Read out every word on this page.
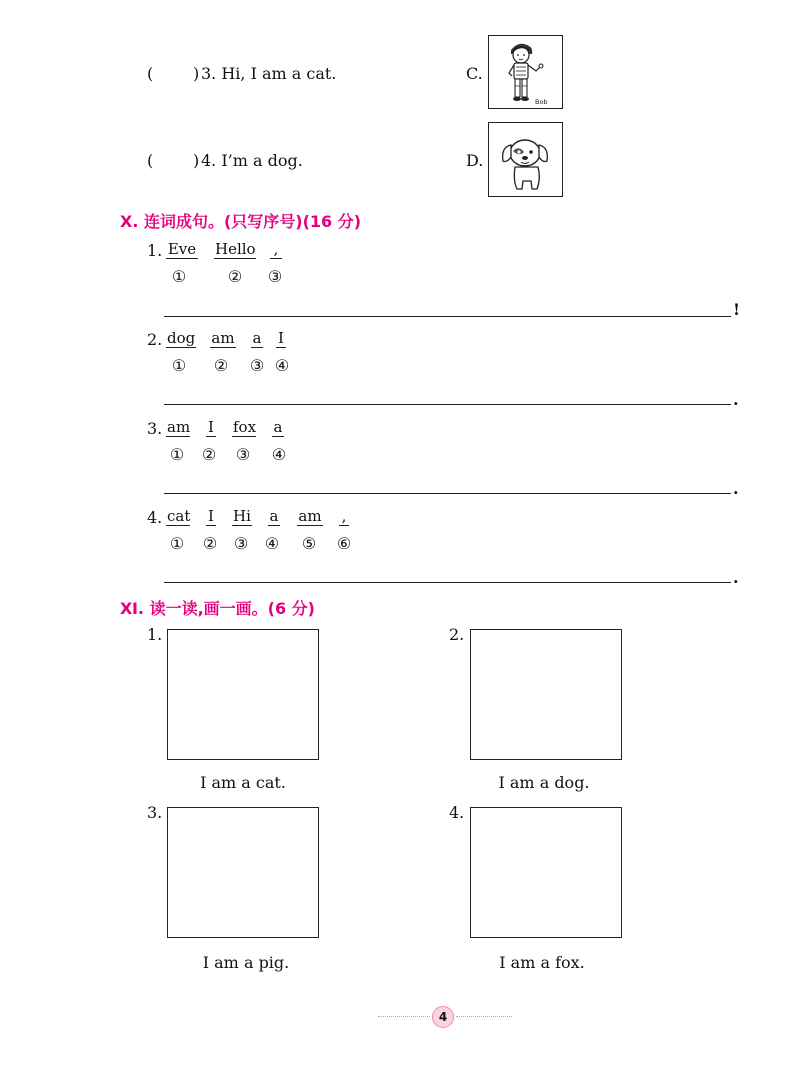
( ) 3. Hi, I am a cat.	C.
Bob
( ) 4. I’m a dog.	D.
Ⅹ. 连词成句。(只写序号)(16 分)
1. Eve Hello ,
①	② ③
!
2. dog am a I
① ② ③ ④
.
3. am I fox a
① ② ③ ④
.
4. cat I Hi a am ,
① ② ③ ④ ⑤ ⑥
.
Ⅺ. 读一读,画一画。(6 分)
1.
I am a cat.
2.
I am a dog.
3.
I am a pig.
4.
I am a fox.
4
